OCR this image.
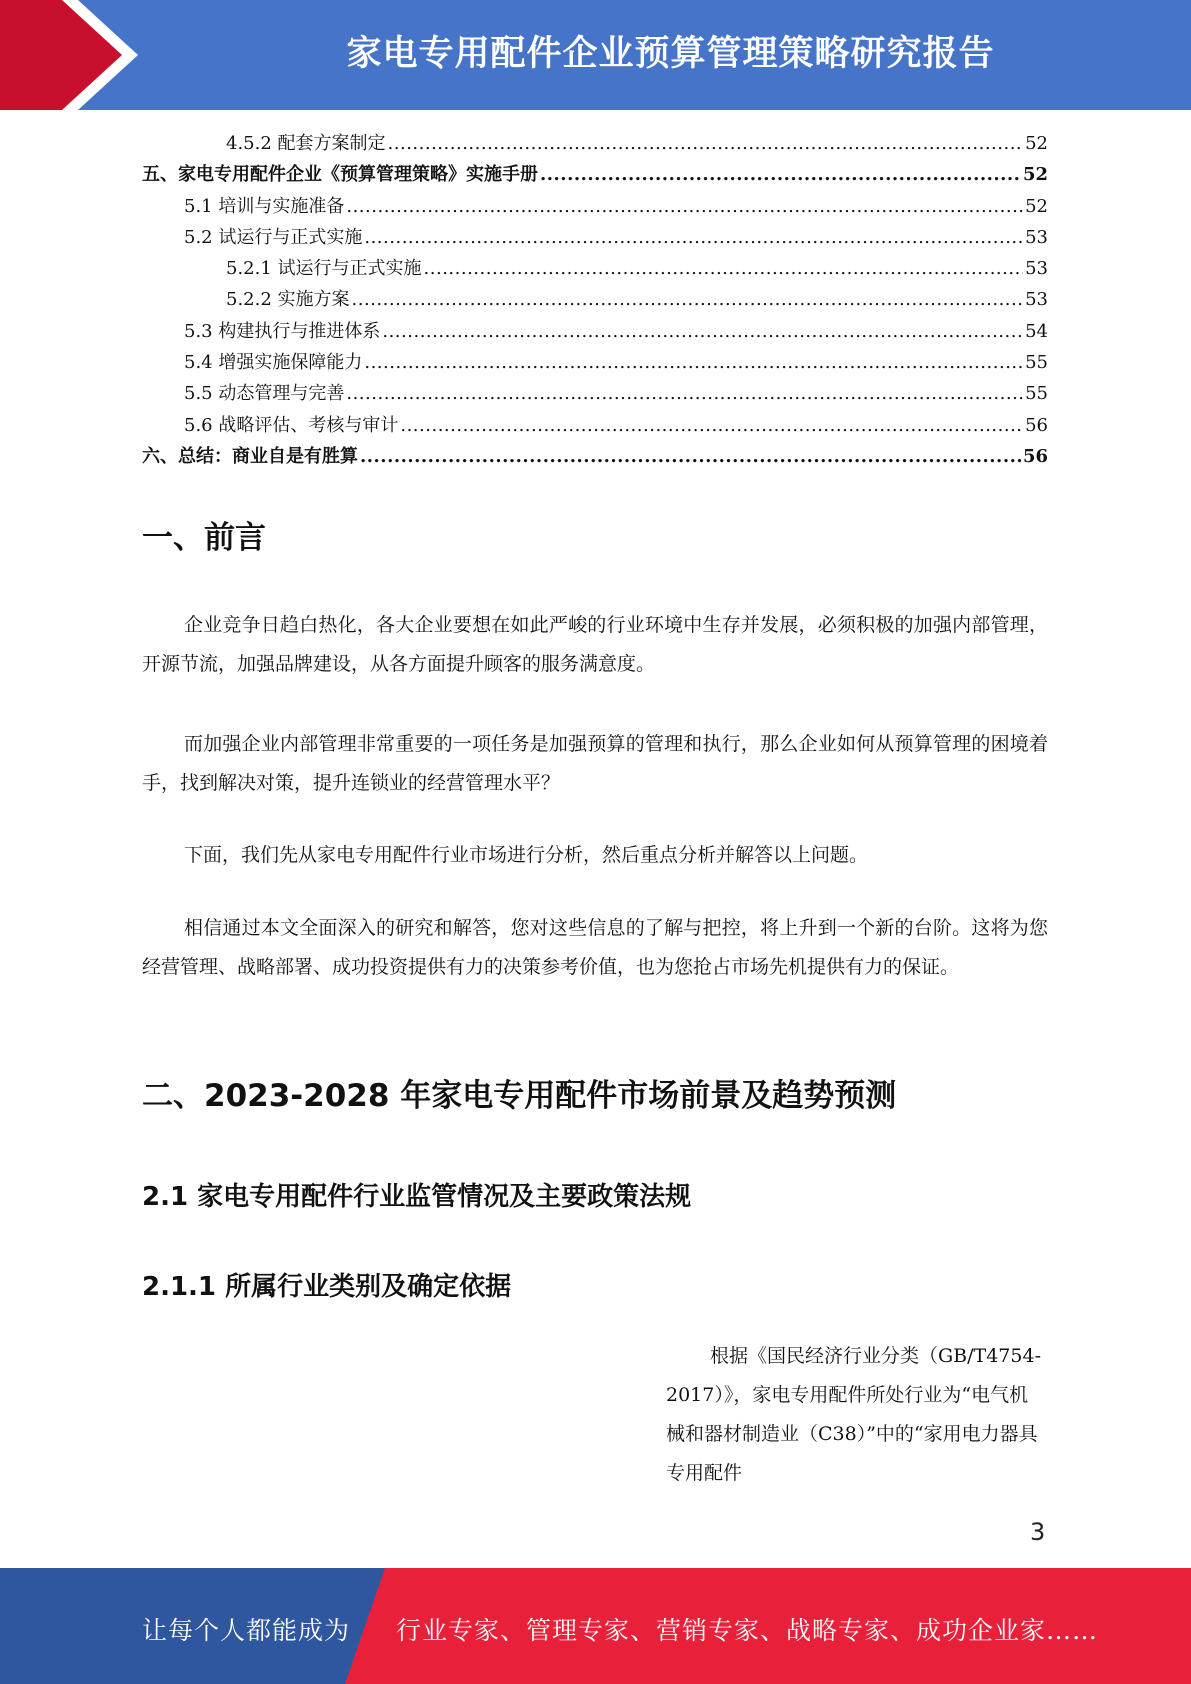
家电专用配件企业预算管理策略研究报告
4.5.2 配套方案制定 .....	52
五、家电专用配件企业《预算管理策略》实施手册 .....	52
5.1 培训与实施准备 .....	52
5.2 试运行与正式实施 .....	53
5.2.1 试运行与正式实施 .....	53
5.2.2 实施方案 .....	53
5.3 构建执行与推进体系 .....	54
5.4 增强实施保障能力 .....	55
5.5 动态管理与完善 .....	55
5.6 战略评估、考核与审计 .....	56
六、总结：商业自是有胜算 .....	56
一、前言

企业竞争日趋白热化，各大企业要想在如此严峻的行业环境中生存并发展，必须积极的加强内部管理，开源节流，加强品牌建设，从各方面提升顾客的服务满意度。

而加强企业内部管理非常重要的一项任务是加强预算的管理和执行，那么企业如何从预算管理的困境着手，找到解决对策，提升连锁业的经营管理水平？

下面，我们先从家电专用配件行业市场进行分析，然后重点分析并解答以上问题。

相信通过本文全面深入的研究和解答，您对这些信息的了解与把控，将上升到一个新的台阶。这将为您经营管理、战略部署、成功投资提供有力的决策参考价值，也为您抢占市场先机提供有力的保证。

二、2023-2028 年家电专用配件市场前景及趋势预测
2.1 家电专用配件行业监管情况及主要政策法规
2.1.1 所属行业类别及确定依据

根据《国民经济行业分类（GB/T4754-2017）》，家电专用配件所处行业为“电气机械和器材制造业（C38）”中的“家用电力器具专用配件

3
让每个人都能成为 行业专家、管理专家、营销专家、战略专家、成功企业家……
